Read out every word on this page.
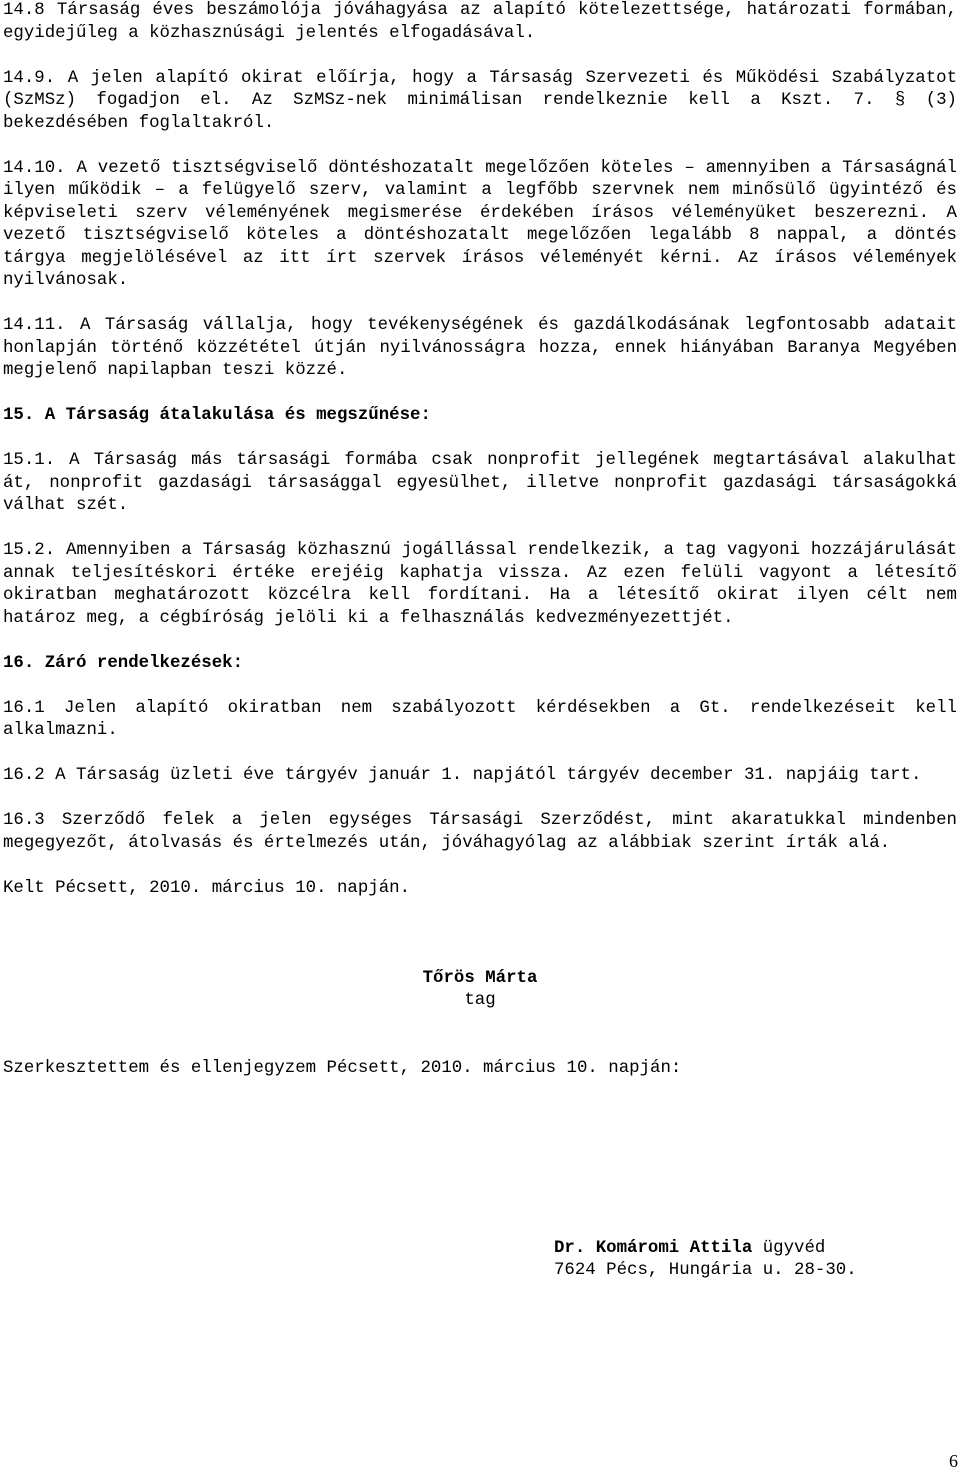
14.8 Társaság éves beszámolója jóváhagyása az alapító kötelezettsége, határozati formában, egyidejűleg a közhasznúsági jelentés elfogadásával.

14.9. A jelen alapító okirat előírja, hogy a Társaság Szervezeti és Működési Szabályzatot (SzMSz) fogadjon el. Az SzMSz-nek minimálisan rendelkeznie kell a Kszt. 7. § (3) bekezdésében foglaltakról.

14.10. A vezető tisztségviselő döntéshozatalt megelőzően köteles – amennyiben a Társaságnál ilyen működik – a felügyelő szerv, valamint a legfőbb szervnek nem minősülő ügyintéző és képviseleti szerv véleményének megismerése érdekében írásos véleményüket beszerezni. A vezető tisztségviselő köteles a döntéshozatalt megelőzően legalább 8 nappal, a döntés tárgya megjelölésével az itt írt szervek írásos véleményét kérni. Az írásos vélemények nyilvánosak.

14.11. A Társaság vállalja, hogy tevékenységének és gazdálkodásának legfontosabb adatait honlapján történő közzététel útján nyilvánosságra hozza, ennek hiányában Baranya Megyében megjelenő napilapban teszi közzé.

15. A Társaság átalakulása és megszűnése:

15.1. A Társaság más társasági formába csak nonprofit jellegének megtartásával alakulhat át, nonprofit gazdasági társasággal egyesülhet, illetve nonprofit gazdasági társaságokká válhat szét.

15.2. Amennyiben a Társaság közhasznú jogállással rendelkezik, a tag vagyoni hozzájárulását annak teljesítéskori értéke erejéig kaphatja vissza. Az ezen felüli vagyont a létesítő okiratban meghatározott közcélra kell fordítani. Ha a létesítő okirat ilyen célt nem határoz meg, a cégbíróság jelöli ki a felhasználás kedvezményezettjét.

16. Záró rendelkezések:

16.1 Jelen alapító okiratban nem szabályozott kérdésekben a Gt. rendelkezéseit kell alkalmazni.

16.2 A Társaság üzleti éve tárgyév január 1. napjától tárgyév december 31. napjáig tart.

16.3 Szerződő felek a jelen egységes Társasági Szerződést, mint akaratukkal mindenben megegyezőt, átolvasás és értelmezés után, jóváhagyólag az alábbiak szerint írták alá.

Kelt Pécsett, 2010. március 10. napján.

Tőrös Márta
tag

Szerkesztettem és ellenjegyzem Pécsett, 2010. március 10. napján:

Dr. Komáromi Attila ügyvéd
7624 Pécs, Hungária u. 28-30.
6
